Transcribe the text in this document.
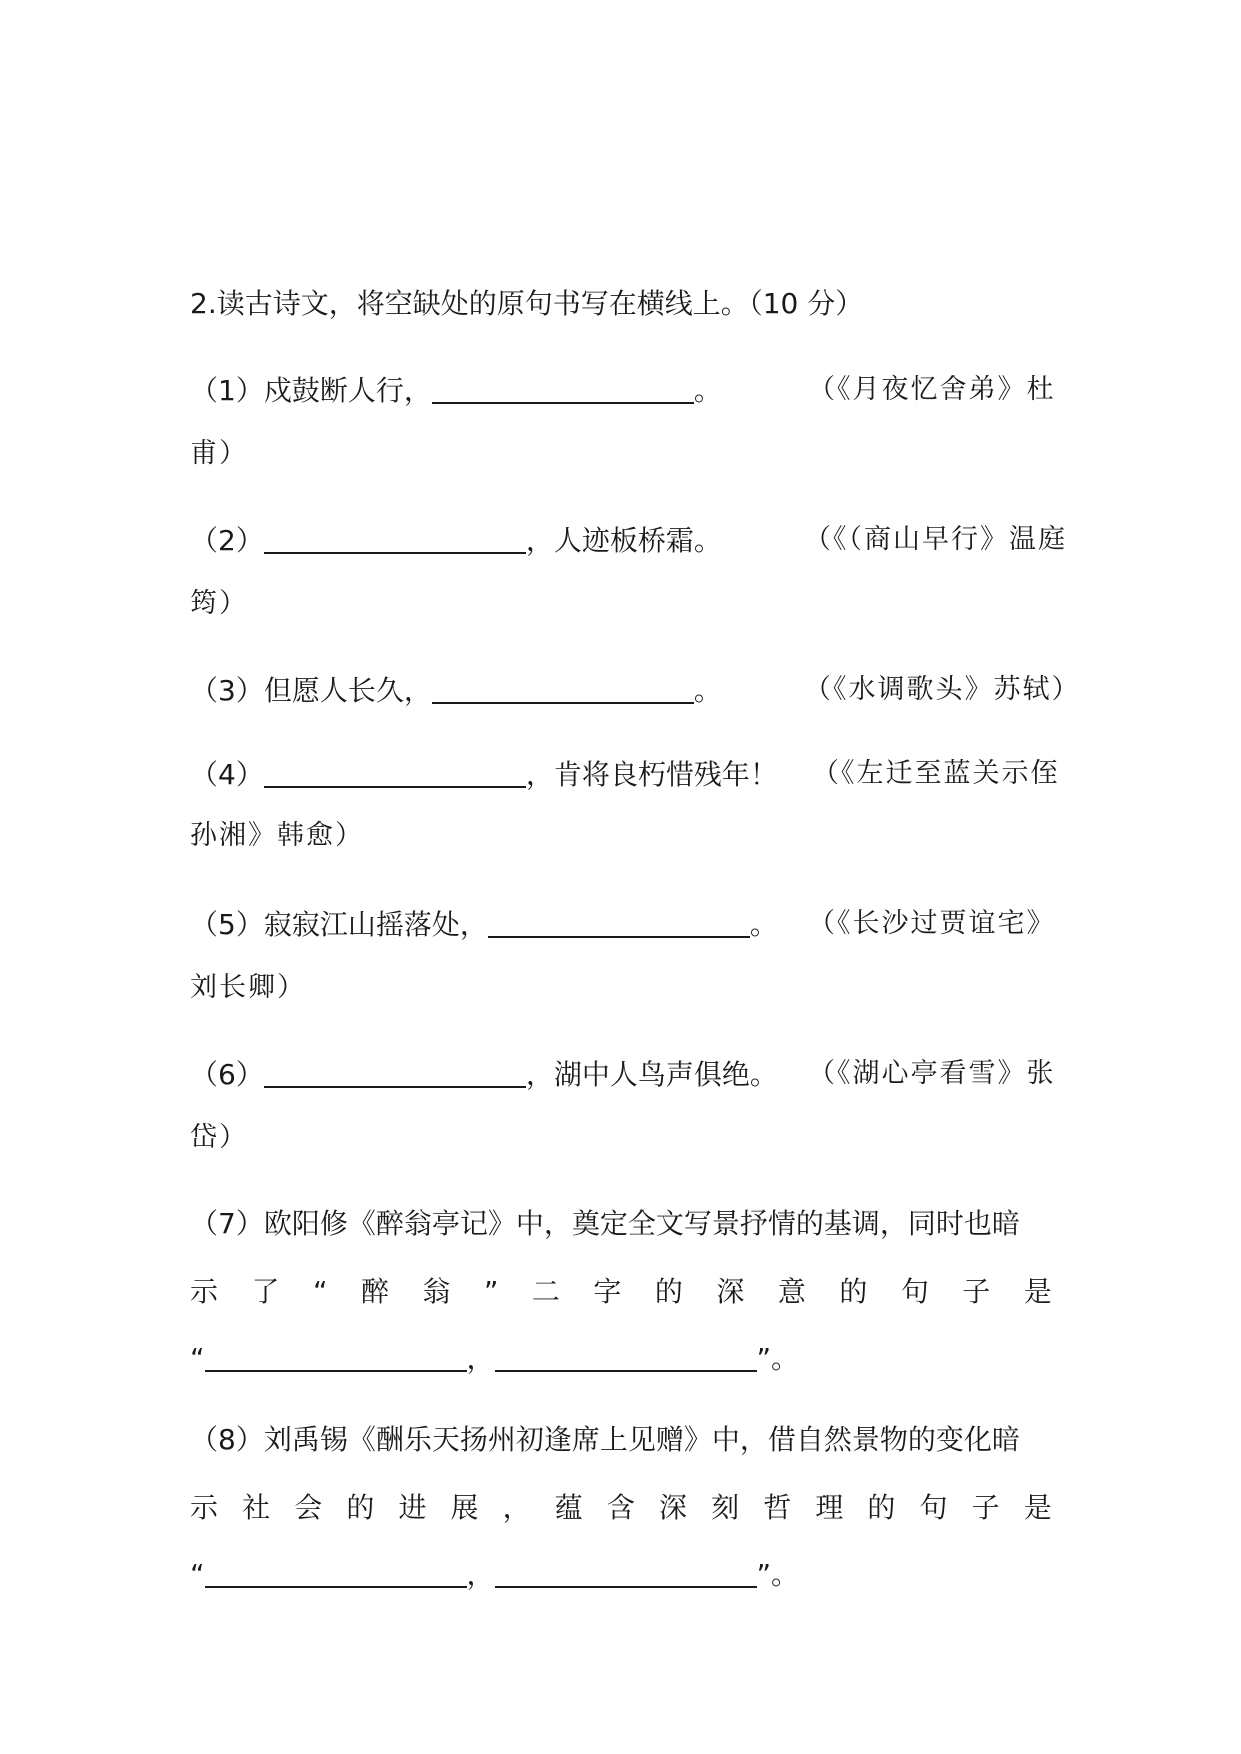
2.读古诗文，将空缺处的原句书写在横线上。（10 分）
（1）戍鼓断人行，	。	（《月夜忆舍弟》杜
甫）
（2）	，人迹板桥霜。	（《（商山早行》温庭
筠）
（3）但愿人长久，	。	（《水调歌头》苏轼）
（4）	，肯将良朽惜残年！ （《左迁至蓝关示侄
孙湘》韩愈）
（5）寂寂江山摇落处，	。 （《长沙过贾谊宅》
刘长卿）
（6）	，湖中人鸟声俱绝。 （《湖心亭看雪》张
岱）
（7）欧阳修《醉翁亭记》中，奠定全文写景抒情的基调，同时也暗
示 了 “ 醉 翁 ” 二 字 的 深 意 的 句 子 是
“	，	”。
（8）刘禹锡《酬乐天扬州初逢席上见赠》中，借自然景物的变化暗
示 社 会 的 进 展 ， 蕴 含 深 刻 哲 理 的 句 子 是
“	，	”。
